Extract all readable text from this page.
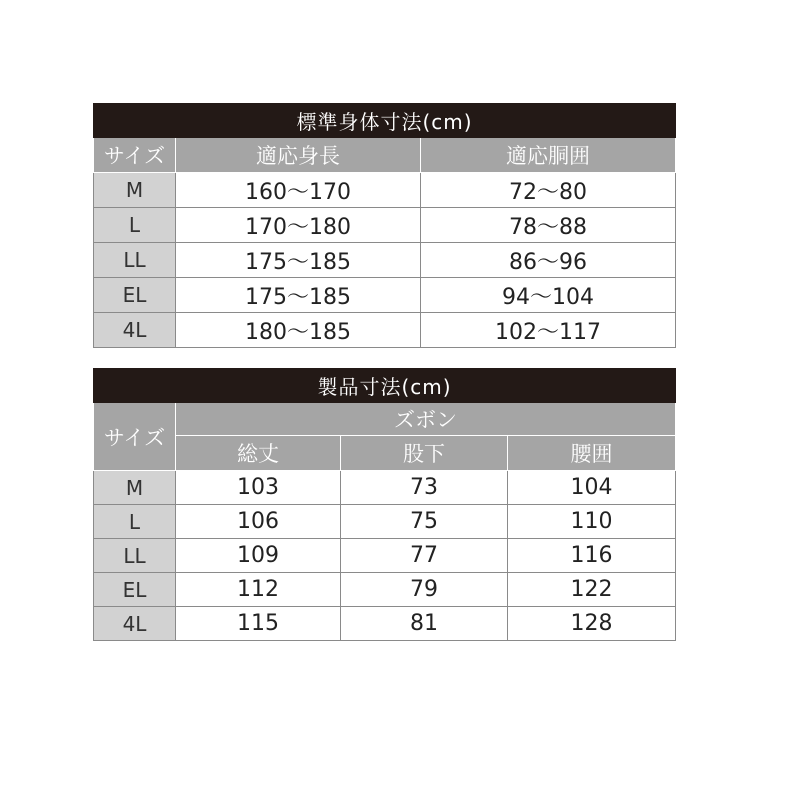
標準身体寸法(cm)		
サイズ	適応身長	適応胴囲
M	160～170	72～80
L	170～180	78～88
LL	175～185	86～96
EL	175～185	94～104
4L	180～185	102～117
製品寸法(cm)			
サイズ	ズボン		
	総丈	股下	腰囲
M	103	73	104
L	106	75	110
LL	109	77	116
EL	112	79	122
4L	115	81	128
